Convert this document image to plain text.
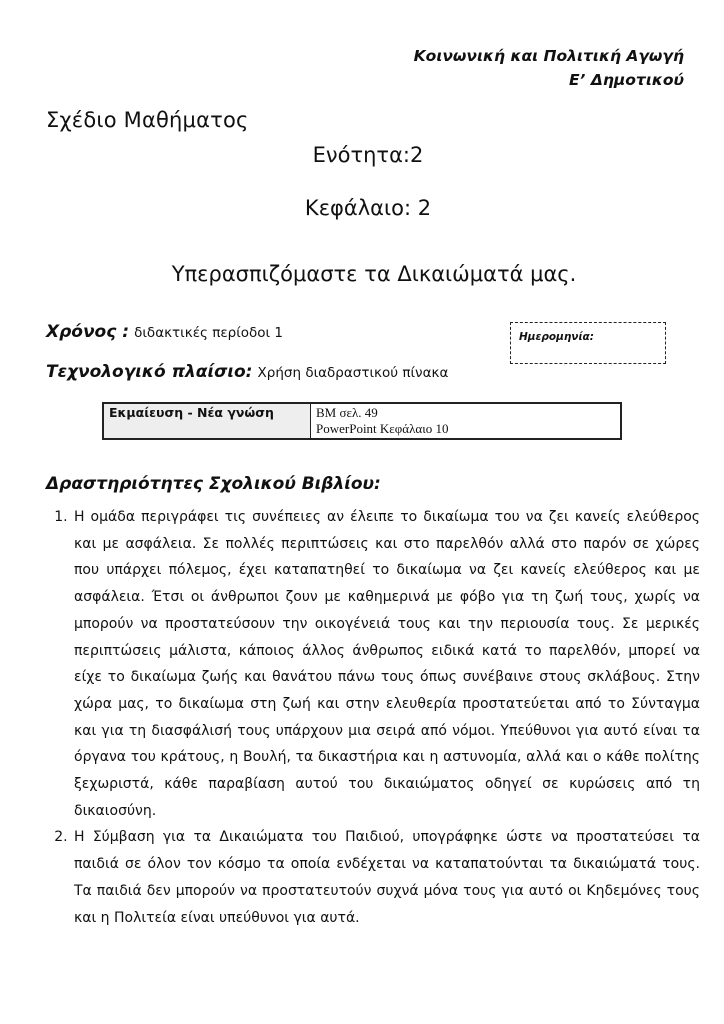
Κοινωνική και Πολιτική Αγωγή
Ε’ Δημοτικού
Σχέδιο Μαθήματος
Ενότητα:2
Κεφάλαιο: 2
Υπερασπιζόμαστε τα Δικαιώματά μας.
Χρόνος : διδακτικές περίοδοι 1	Ημερομηνία:
Τεχνολογικό πλαίσιο: Χρήση διαδραστικού πίνακα
Εκμαίευση - Νέα γνώση	ΒΜ σελ. 49
PowerPoint Κεφάλαιο 10
Δραστηριότητες Σχολικού Βιβλίου:
1. Η ομάδα περιγράφει τις συνέπειες αν έλειπε το δικαίωμα του να ζει κανείς ελεύθερος και με ασφάλεια. Σε πολλές περιπτώσεις και στο παρελθόν αλλά στο παρόν σε χώρες που υπάρχει πόλεμος, έχει καταπατηθεί το δικαίωμα να ζει κανείς ελεύθερος και με ασφάλεια. Έτσι οι άνθρωποι ζουν με καθημερινά με φόβο για τη ζωή τους, χωρίς να μπορούν να προστατεύσουν την οικογένειά τους και την περιουσία τους. Σε μερικές περιπτώσεις μάλιστα, κάποιος άλλος άνθρωπος ειδικά κατά το παρελθόν, μπορεί να είχε το δικαίωμα ζωής και θανάτου πάνω τους όπως συνέβαινε στους σκλάβους. Στην χώρα μας, το δικαίωμα στη ζωή και στην ελευθερία προστατεύεται από το Σύνταγμα και για τη διασφάλισή τους υπάρχουν μια σειρά από νόμοι. Υπεύθυνοι για αυτό είναι τα όργανα του κράτους, η Βουλή, τα δικαστήρια και η αστυνομία, αλλά και ο κάθε πολίτης ξεχωριστά, κάθε παραβίαση αυτού του δικαιώματος οδηγεί σε κυρώσεις από τη δικαιοσύνη.
2. Η Σύμβαση για τα Δικαιώματα του Παιδιού, υπογράφηκε ώστε να προστατεύσει τα παιδιά σε όλον τον κόσμο τα οποία ενδέχεται να καταπατούνται τα δικαιώματά τους. Τα παιδιά δεν μπορούν να προστατευτούν συχνά μόνα τους για αυτό οι Κηδεμόνες τους και η Πολιτεία είναι υπεύθυνοι για αυτά.
